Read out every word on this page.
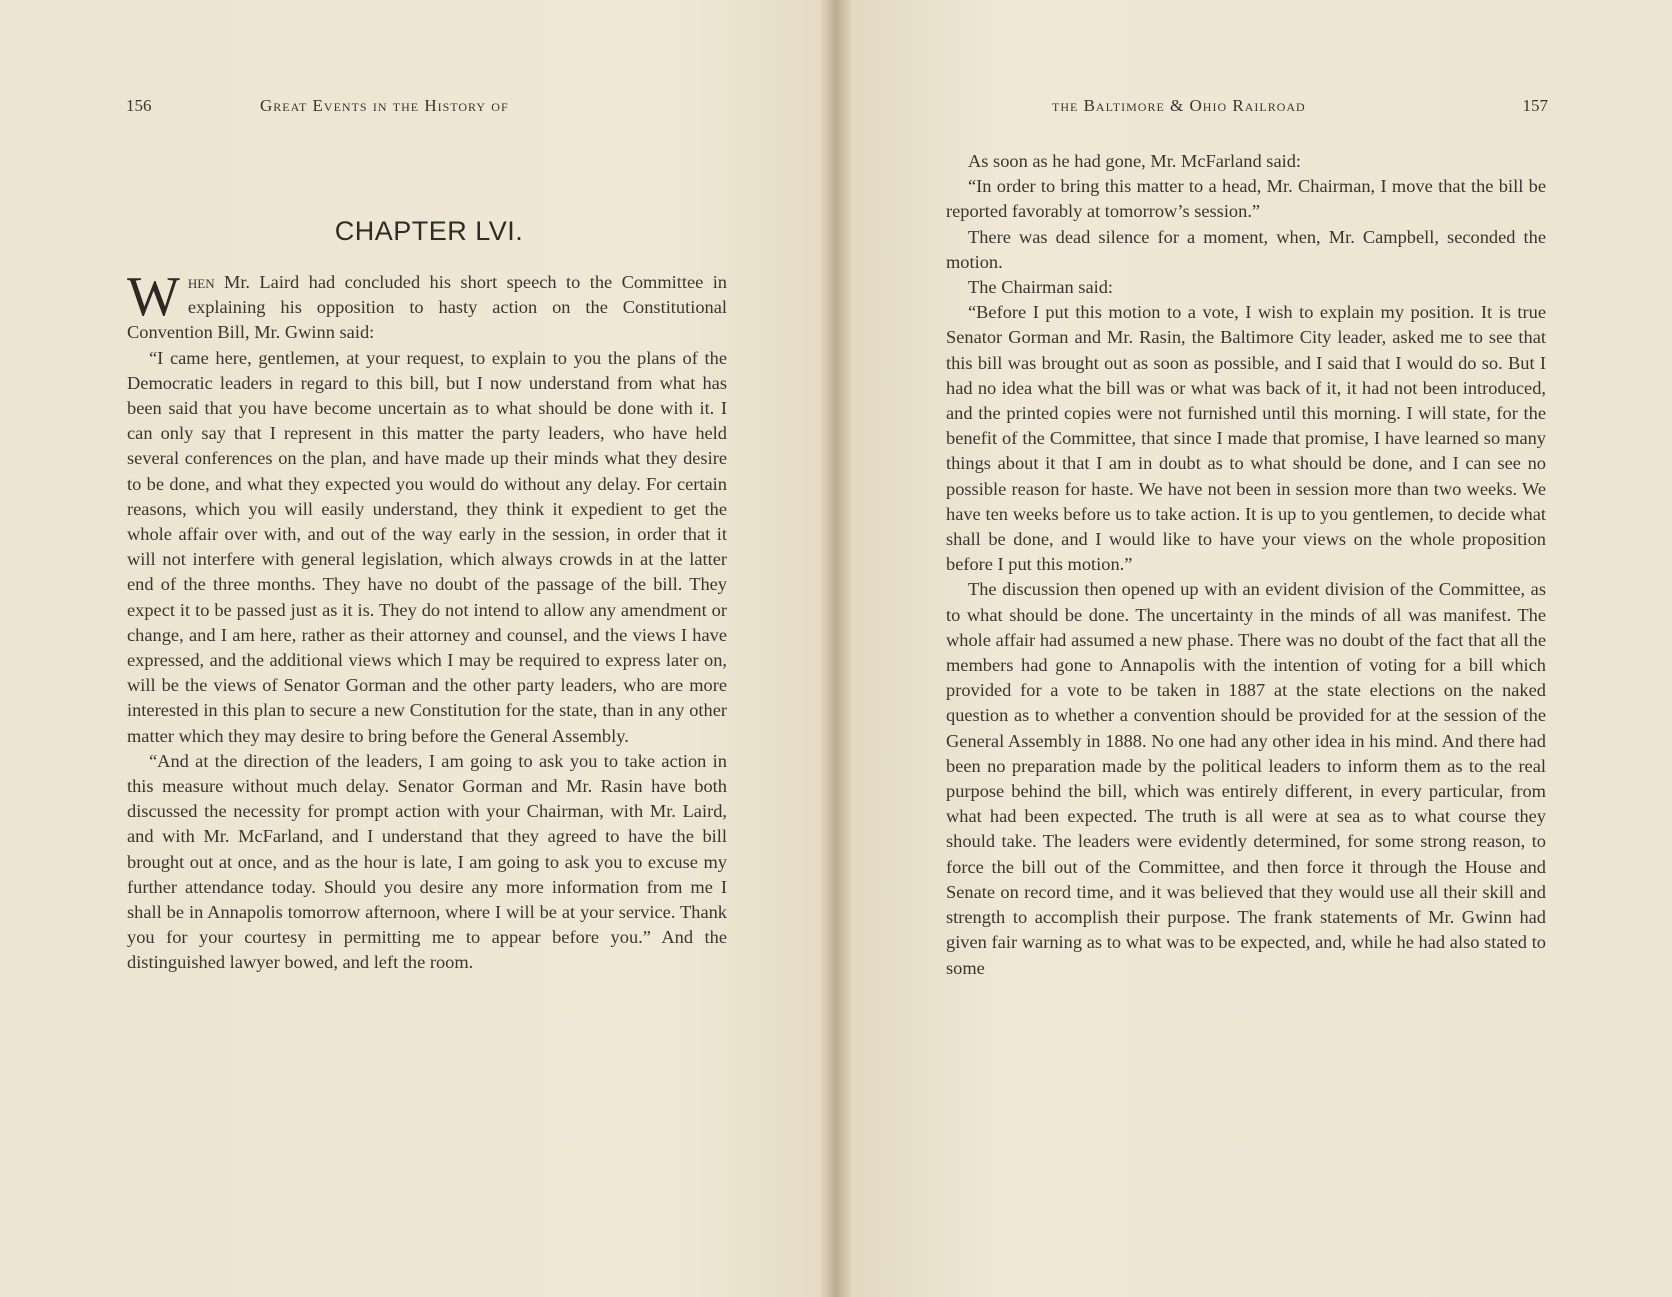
156	Great Events in the History of
CHAPTER LVI.

When Mr. Laird had concluded his short speech to the Committee in explaining his opposition to hasty action on the Constitutional Convention Bill, Mr. Gwinn said:

“I came here, gentlemen, at your request, to explain to you the plans of the Democratic leaders in regard to this bill, but I now understand from what has been said that you have become uncertain as to what should be done with it. I can only say that I represent in this matter the party leaders, who have held several conferences on the plan, and have made up their minds what they desire to be done, and what they expected you would do without any delay. For certain reasons, which you will easily understand, they think it expedient to get the whole affair over with, and out of the way early in the session, in order that it will not interfere with general legislation, which always crowds in at the latter end of the three months. They have no doubt of the passage of the bill. They expect it to be passed just as it is. They do not intend to allow any amendment or change, and I am here, rather as their attorney and counsel, and the views I have expressed, and the additional views which I may be required to express later on, will be the views of Senator Gorman and the other party leaders, who are more interested in this plan to secure a new Constitution for the state, than in any other matter which they may desire to bring before the General Assembly.

“And at the direction of the leaders, I am going to ask you to take action in this measure without much delay. Senator Gorman and Mr. Rasin have both discussed the necessity for prompt action with your Chairman, with Mr. Laird, and with Mr. McFarland, and I understand that they agreed to have the bill brought out at once, and as the hour is late, I am going to ask you to excuse my further attendance today. Should you desire any more information from me I shall be in Annapolis tomorrow afternoon, where I will be at your service. Thank you for your courtesy in permitting me to appear before you.” And the distinguished lawyer bowed, and left the room.

the Baltimore & Ohio Railroad	157

As soon as he had gone, Mr. McFarland said:

“In order to bring this matter to a head, Mr. Chairman, I move that the bill be reported favorably at tomorrow’s session.”

There was dead silence for a moment, when, Mr. Campbell, seconded the motion.

The Chairman said:

“Before I put this motion to a vote, I wish to explain my position. It is true Senator Gorman and Mr. Rasin, the Baltimore City leader, asked me to see that this bill was brought out as soon as possible, and I said that I would do so. But I had no idea what the bill was or what was back of it, it had not been introduced, and the printed copies were not furnished until this morning. I will state, for the benefit of the Committee, that since I made that promise, I have learned so many things about it that I am in doubt as to what should be done, and I can see no possible reason for haste. We have not been in session more than two weeks. We have ten weeks before us to take action. It is up to you gentlemen, to decide what shall be done, and I would like to have your views on the whole proposition before I put this motion.”

The discussion then opened up with an evident division of the Committee, as to what should be done. The uncertainty in the minds of all was manifest. The whole affair had assumed a new phase. There was no doubt of the fact that all the members had gone to Annapolis with the intention of voting for a bill which provided for a vote to be taken in 1887 at the state elections on the naked question as to whether a convention should be provided for at the session of the General Assembly in 1888. No one had any other idea in his mind. And there had been no preparation made by the political leaders to inform them as to the real purpose behind the bill, which was entirely different, in every particular, from what had been expected. The truth is all were at sea as to what course they should take. The leaders were evidently determined, for some strong reason, to force the bill out of the Committee, and then force it through the House and Senate on record time, and it was believed that they would use all their skill and strength to accomplish their purpose. The frank statements of Mr. Gwinn had given fair warning as to what was to be expected, and, while he had also stated to some
